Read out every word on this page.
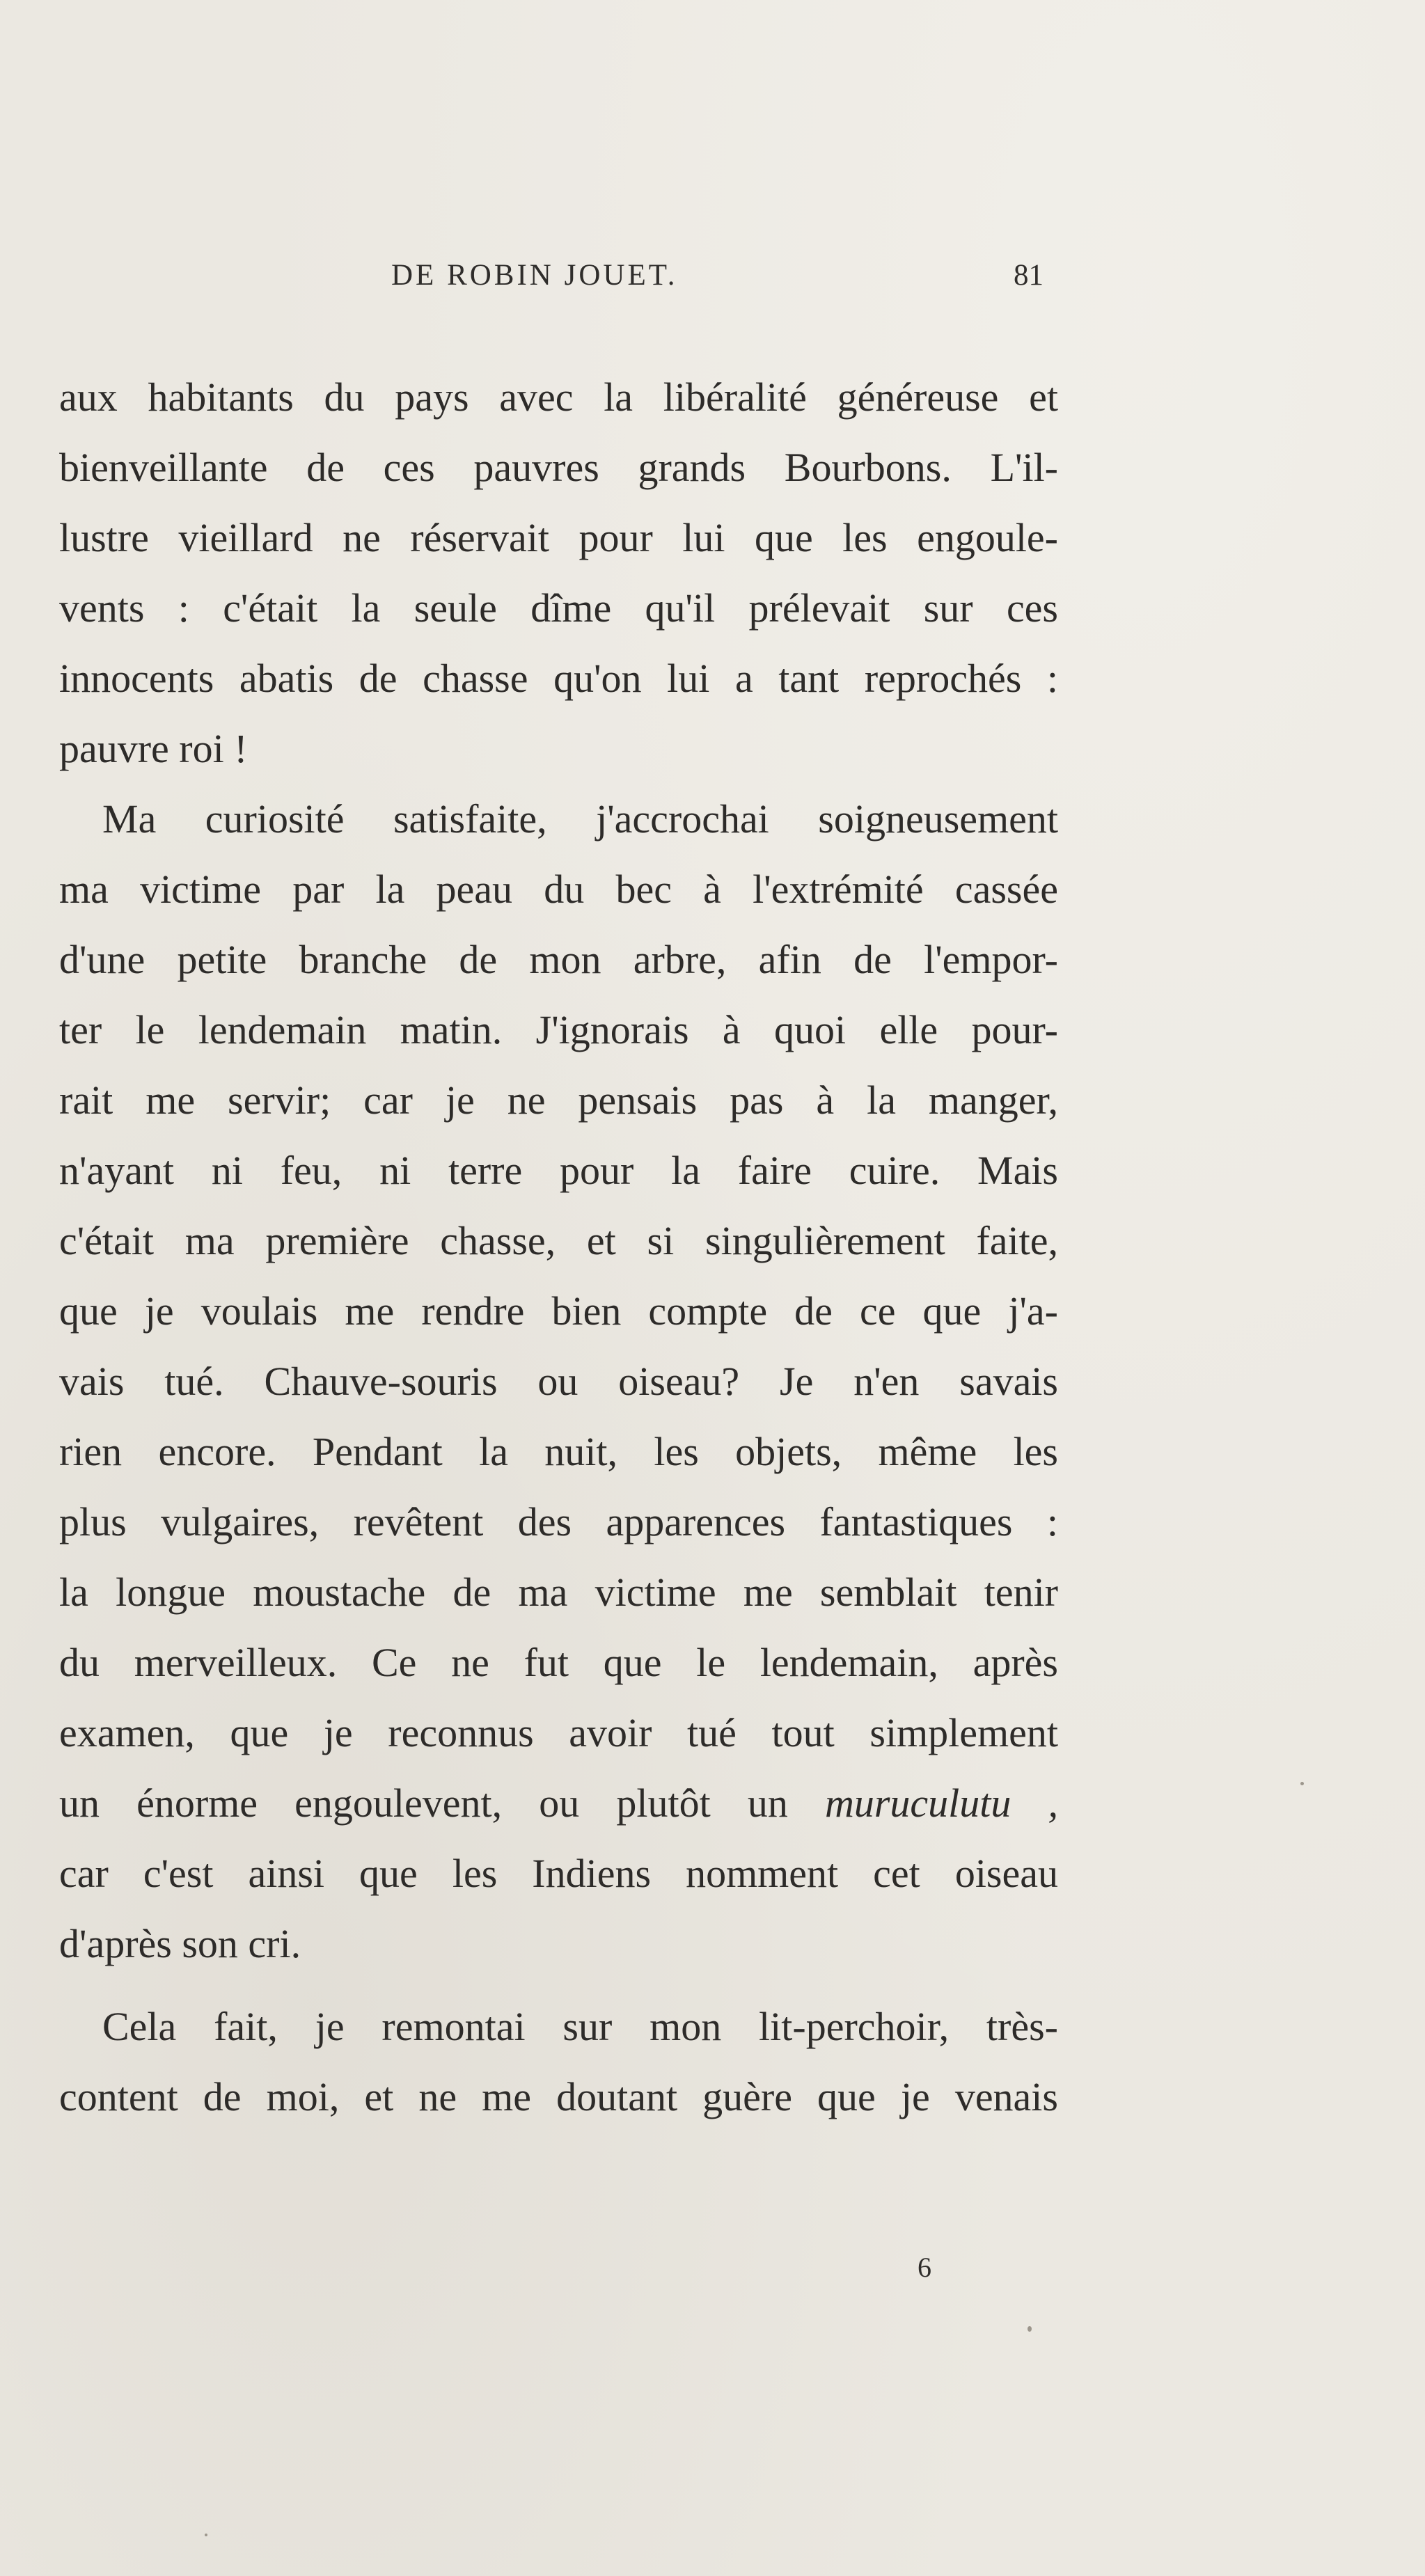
DE ROBIN JOUET.	81
aux habitants du pays avec la libéralité généreuse et
bienveillante de ces pauvres grands Bourbons. L'il-
lustre vieillard ne réservait pour lui que les engoule-
vents : c'était la seule dîme qu'il prélevait sur ces
innocents abatis de chasse qu'on lui a tant reprochés :
pauvre roi !
Ma curiosité satisfaite, j'accrochai soigneusement
ma victime par la peau du bec à l'extrémité cassée
d'une petite branche de mon arbre, afin de l'empor-
ter le lendemain matin. J'ignorais à quoi elle pour-
rait me servir; car je ne pensais pas à la manger,
n'ayant ni feu, ni terre pour la faire cuire. Mais
c'était ma première chasse, et si singulièrement faite,
que je voulais me rendre bien compte de ce que j'a-
vais tué. Chauve-souris ou oiseau? Je n'en savais
rien encore. Pendant la nuit, les objets, même les
plus vulgaires, revêtent des apparences fantastiques :
la longue moustache de ma victime me semblait tenir
du merveilleux. Ce ne fut que le lendemain, après
examen, que je reconnus avoir tué tout simplement
un énorme engoulevent, ou plutôt un muruculutu ,
car c'est ainsi que les Indiens nomment cet oiseau
d'après son cri.
Cela fait, je remontai sur mon lit-perchoir, très-
content de moi, et ne me doutant guère que je venais
6
